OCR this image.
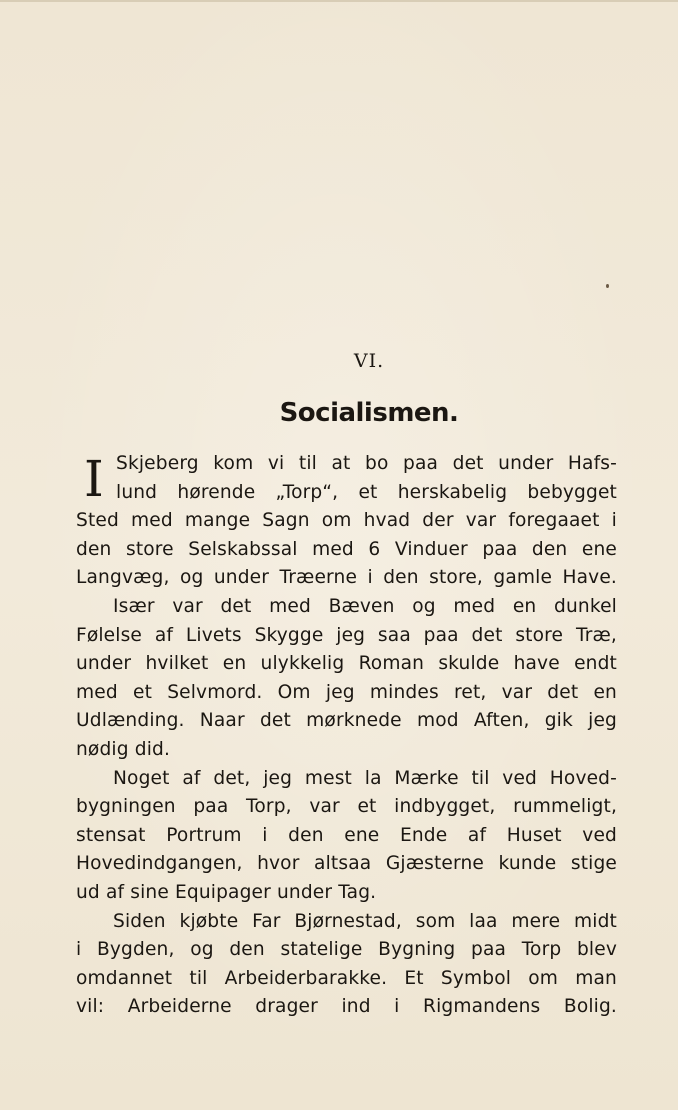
VI.
Socialismen.
I Skjeberg kom vi til at bo paa det under Hafs-
lund hørende „Torp“, et herskabelig bebygget
Sted med mange Sagn om hvad der var foregaaet i
den store Selskabssal med 6 Vinduer paa den ene
Langvæg, og under Træerne i den store, gamle Have.
Især var det med Bæven og med en dunkel
Følelse af Livets Skygge jeg saa paa det store Træ,
under hvilket en ulykkelig Roman skulde have endt
med et Selvmord. Om jeg mindes ret, var det en
Udlænding. Naar det mørknede mod Aften, gik jeg
nødig did.
Noget af det, jeg mest la Mærke til ved Hoved-
bygningen paa Torp, var et indbygget, rummeligt,
stensat Portrum i den ene Ende af Huset ved
Hovedindgangen, hvor altsaa Gjæsterne kunde stige
ud af sine Equipager under Tag.
Siden kjøbte Far Bjørnestad, som laa mere midt
i Bygden, og den statelige Bygning paa Torp blev
omdannet til Arbeiderbarakke. Et Symbol om man
vil: Arbeiderne drager ind i Rigmandens Bolig.
